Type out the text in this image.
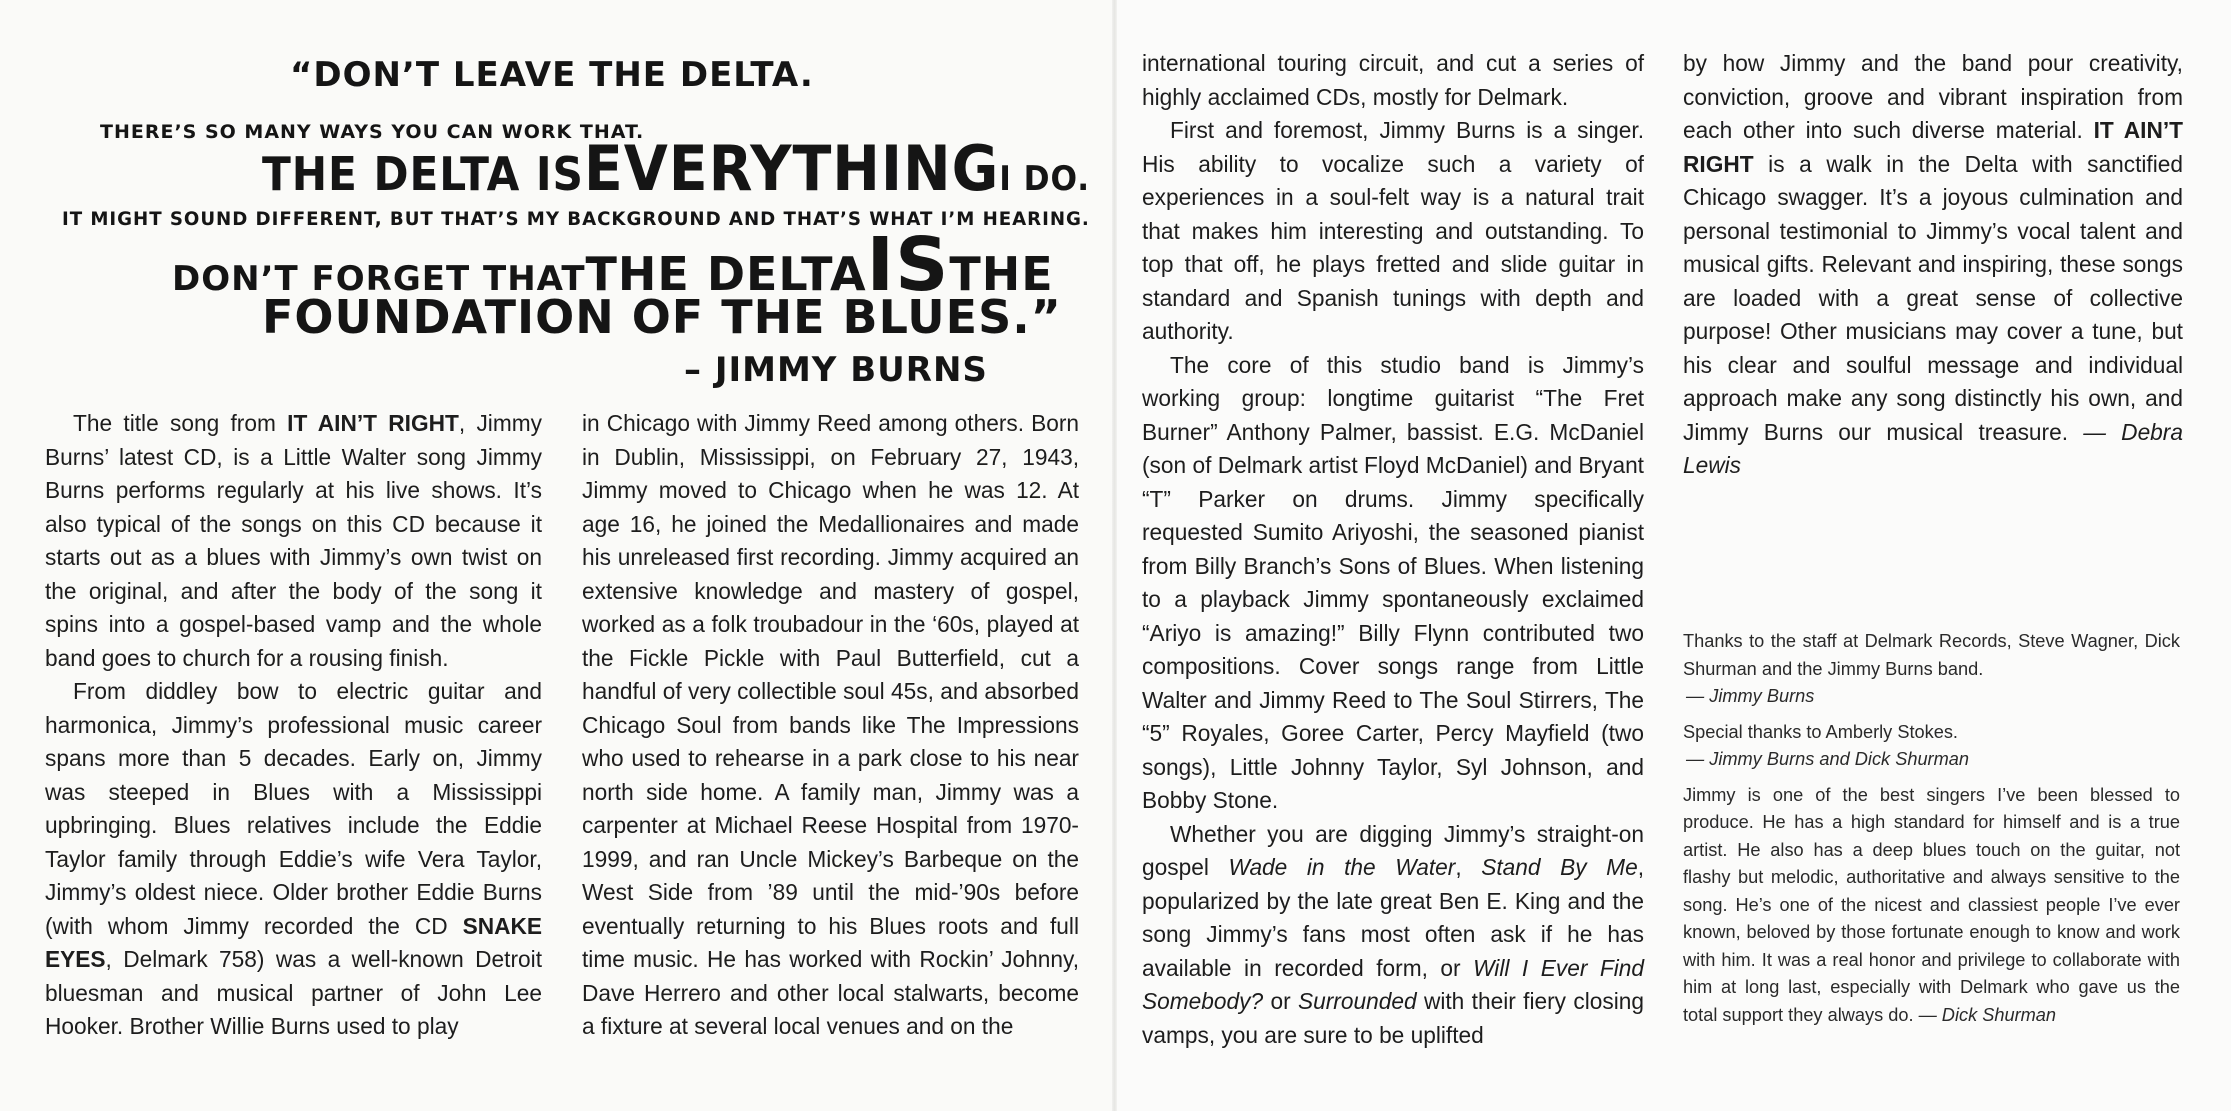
“DON’T LEAVE THE DELTA.

THERE’S SO MANY WAYS YOU CAN WORK THAT.

THE DELTA ISEVERYTHINGI DO.

IT MIGHT SOUND DIFFERENT, BUT THAT’S MY BACKGROUND AND THAT’S WHAT I’M HEARING.

DON’T FORGET THATTHE DELTAISTHE

FOUNDATION OF THE BLUES.”

– JIMMY BURNS

The title song from IT AIN’T RIGHT, Jimmy Burns’ latest CD, is a Little Walter song Jimmy Burns performs regularly at his live shows. It’s also typical of the songs on this CD because it starts out as a blues with Jimmy’s own twist on the original, and after the body of the song it spins into a gospel-based vamp and the whole band goes to church for a rousing finish.

From diddley bow to electric guitar and harmonica, Jimmy’s professional music career spans more than 5 decades. Early on, Jimmy was steeped in Blues with a Mississippi upbringing. Blues relatives include the Eddie Taylor family through Eddie’s wife Vera Taylor, Jimmy’s oldest niece. Older brother Eddie Burns (with whom Jimmy recorded the CD SNAKE EYES, Delmark 758) was a well-known Detroit bluesman and musical partner of John Lee Hooker. Brother Willie Burns used to play

in Chicago with Jimmy Reed among others. Born in Dublin, Mississippi, on February 27, 1943, Jimmy moved to Chicago when he was 12. At age 16, he joined the Medallionaires and made his unreleased first recording. Jimmy acquired an extensive knowledge and mastery of gospel, worked as a folk troubadour in the ‘60s, played at the Fickle Pickle with Paul Butterfield, cut a handful of very collectible soul 45s, and absorbed Chicago Soul from bands like The Impressions who used to rehearse in a park close to his near north side home. A family man, Jimmy was a carpenter at Michael Reese Hospital from 1970-1999, and ran Uncle Mickey’s Barbeque on the West Side from ’89 until the mid-’90s before eventually returning to his Blues roots and full time music. He has worked with Rockin’ Johnny, Dave Herrero and other local stalwarts, become a fixture at several local venues and on the

international touring circuit, and cut a series of highly acclaimed CDs, mostly for Delmark.

First and foremost, Jimmy Burns is a singer. His ability to vocalize such a variety of experiences in a soul-felt way is a natural trait that makes him interesting and outstanding. To top that off, he plays fretted and slide guitar in standard and Spanish tunings with depth and authority.

The core of this studio band is Jimmy’s working group: longtime guitarist “The Fret Burner” Anthony Palmer, bassist. E.G. McDaniel (son of Delmark artist Floyd McDaniel) and Bryant “T” Parker on drums. Jimmy specifically requested Sumito Ariyoshi, the seasoned pianist from Billy Branch’s Sons of Blues. When listening to a playback Jimmy spontaneously exclaimed “Ariyo is amazing!” Billy Flynn contributed two compositions. Cover songs range from Little Walter and Jimmy Reed to The Soul Stirrers, The “5” Royales, Goree Carter, Percy Mayfield (two songs), Little Johnny Taylor, Syl Johnson, and Bobby Stone.

Whether you are digging Jimmy’s straight-on gospel Wade in the Water, Stand By Me, popularized by the late great Ben E. King and the song Jimmy’s fans most often ask if he has available in recorded form, or Will I Ever Find Somebody? or Surrounded with their fiery closing vamps, you are sure to be uplifted

by how Jimmy and the band pour creativity, conviction, groove and vibrant inspiration from each other into such diverse material. IT AIN’T RIGHT is a walk in the Delta with sanctified Chicago swagger. It’s a joyous culmination and personal testimonial to Jimmy’s vocal talent and musical gifts. Relevant and inspiring, these songs are loaded with a great sense of collective purpose! Other musicians may cover a tune, but his clear and soulful message and individual approach make any song distinctly his own, and Jimmy Burns our musical treasure. — Debra Lewis

Thanks to the staff at Delmark Records, Steve Wagner, Dick Shurman and the Jimmy Burns band.

— Jimmy Burns

Special thanks to Amberly Stokes.

— Jimmy Burns and Dick Shurman

Jimmy is one of the best singers I’ve been blessed to produce. He has a high standard for himself and is a true artist. He also has a deep blues touch on the guitar, not flashy but melodic, authoritative and always sensitive to the song. He’s one of the nicest and classiest people I’ve ever known, beloved by those fortunate enough to know and work with him. It was a real honor and privilege to collaborate with him at long last, especially with Delmark who gave us the total support they always do. — Dick Shurman
